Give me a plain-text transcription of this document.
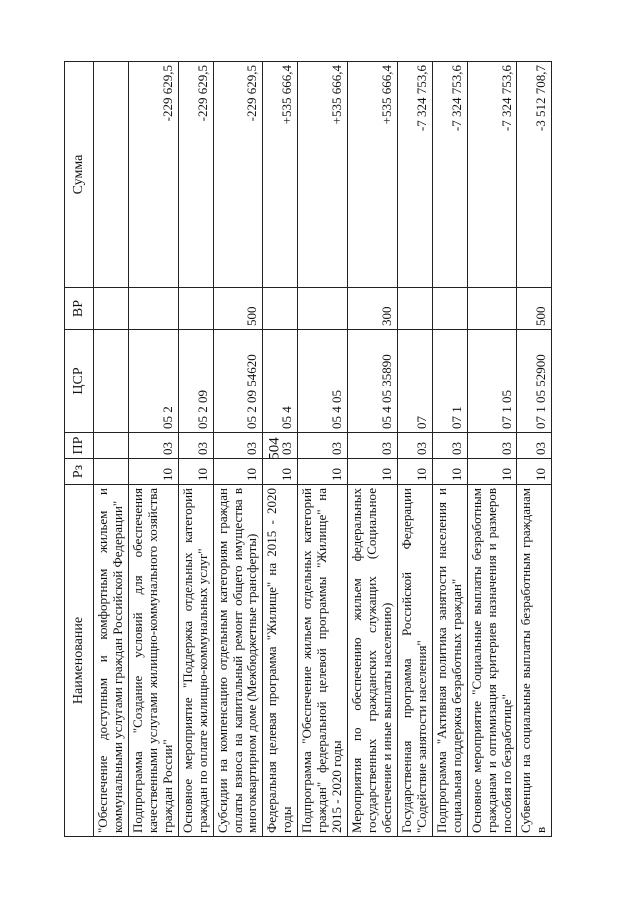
504
Наименование	Рз	ПР	ЦСР	ВР	Сумма
"Обеспечение доступным и комфортным жильем и коммунальными услугами граждан Российской Федерации"					
Подпрограмма "Создание условий для обеспечения качественными услугами жилищно-коммунального хозяйства граждан России"	10	03	05 2		-229 629,5
Основное мероприятие "Поддержка отдельных категорий граждан по оплате жилищно-коммунальных услуг"	10	03	05 2 09		-229 629,5
Субсидии на компенсацию отдельным категориям граждан оплаты взноса на капитальный ремонт общего имущества в многоквартирном доме (Межбюджетные трансферты)	10	03	05 2 09 54620	500	-229 629,5
Федеральная целевая программа "Жилище" на 2015 - 2020 годы	10	03	05 4		+535 666,4
Подпрограмма "Обеспечение жильем отдельных категорий граждан" федеральной целевой программы "Жилище" на 2015 - 2020 годы	10	03	05 4 05		+535 666,4
Мероприятия по обеспечению жильем федеральных государственных гражданских служащих (Социальное обеспечение и иные выплаты населению)	10	03	05 4 05 35890	300	+535 666,4
Государственная программа Российской Федерации "Содействие занятости населения"	10	03	07		-7 324 753,6
Подпрограмма "Активная политика занятости населения и социальная поддержка безработных граждан"	10	03	07 1		-7 324 753,6
Основное мероприятие "Социальные выплаты безработным гражданам и оптимизация критериев назначения и размеров пособия по безработице"	10	03	07 1 05		-7 324 753,6
Субвенции на социальные выплаты безработным гражданам в	10	03	07 1 05 52900	500	-3 512 708,7
